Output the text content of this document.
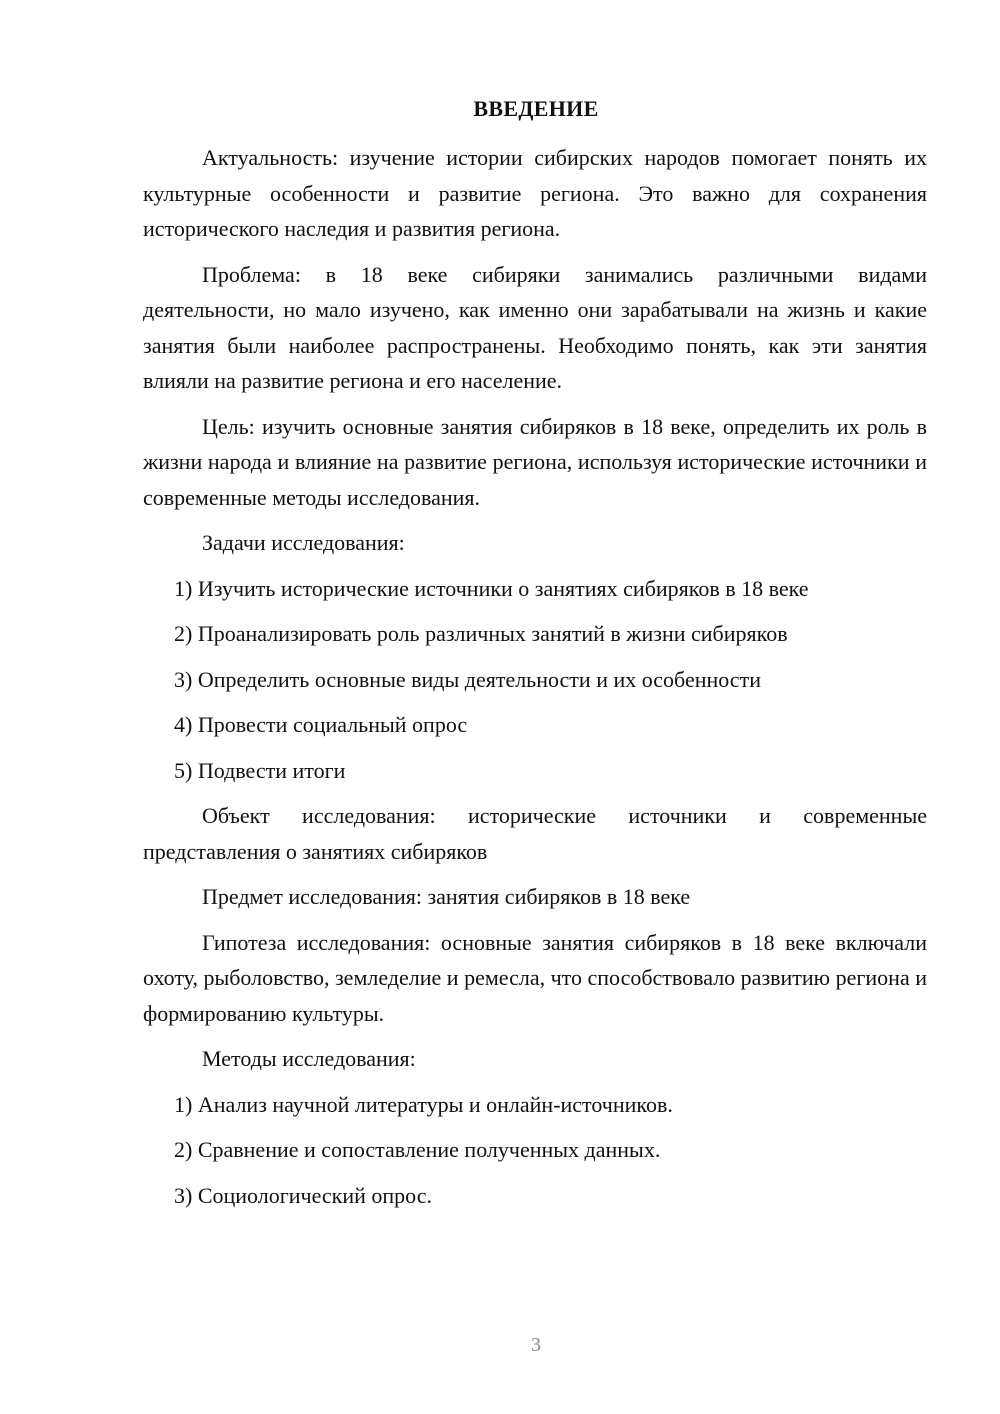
ВВЕДЕНИЕ

Актуальность: изучение истории сибирских народов помогает понять их культурные особенности и развитие региона. Это важно для сохранения исторического наследия и развития региона.

Проблема: в 18 веке сибиряки занимались различными видами деятельности, но мало изучено, как именно они зарабатывали на жизнь и какие занятия были наиболее распространены. Необходимо понять, как эти занятия влияли на развитие региона и его население.

Цель: изучить основные занятия сибиряков в 18 веке, определить их роль в жизни народа и влияние на развитие региона, используя исторические источники и современные методы исследования.

Задачи исследования:

1) Изучить исторические источники о занятиях сибиряков в 18 веке
2) Проанализировать роль различных занятий в жизни сибиряков
3) Определить основные виды деятельности и их особенности
4) Провести социальный опрос
5) Подвести итоги

Объект исследования: исторические источники и современные представления о занятиях сибиряков

Предмет исследования: занятия сибиряков в 18 веке

Гипотеза исследования: основные занятия сибиряков в 18 веке включали охоту, рыболовство, земледелие и ремесла, что способствовало развитию региона и формированию культуры.

Методы исследования:

1) Анализ научной литературы и онлайн-источников.
2) Сравнение и сопоставление полученных данных.
3) Социологический опрос.
3
